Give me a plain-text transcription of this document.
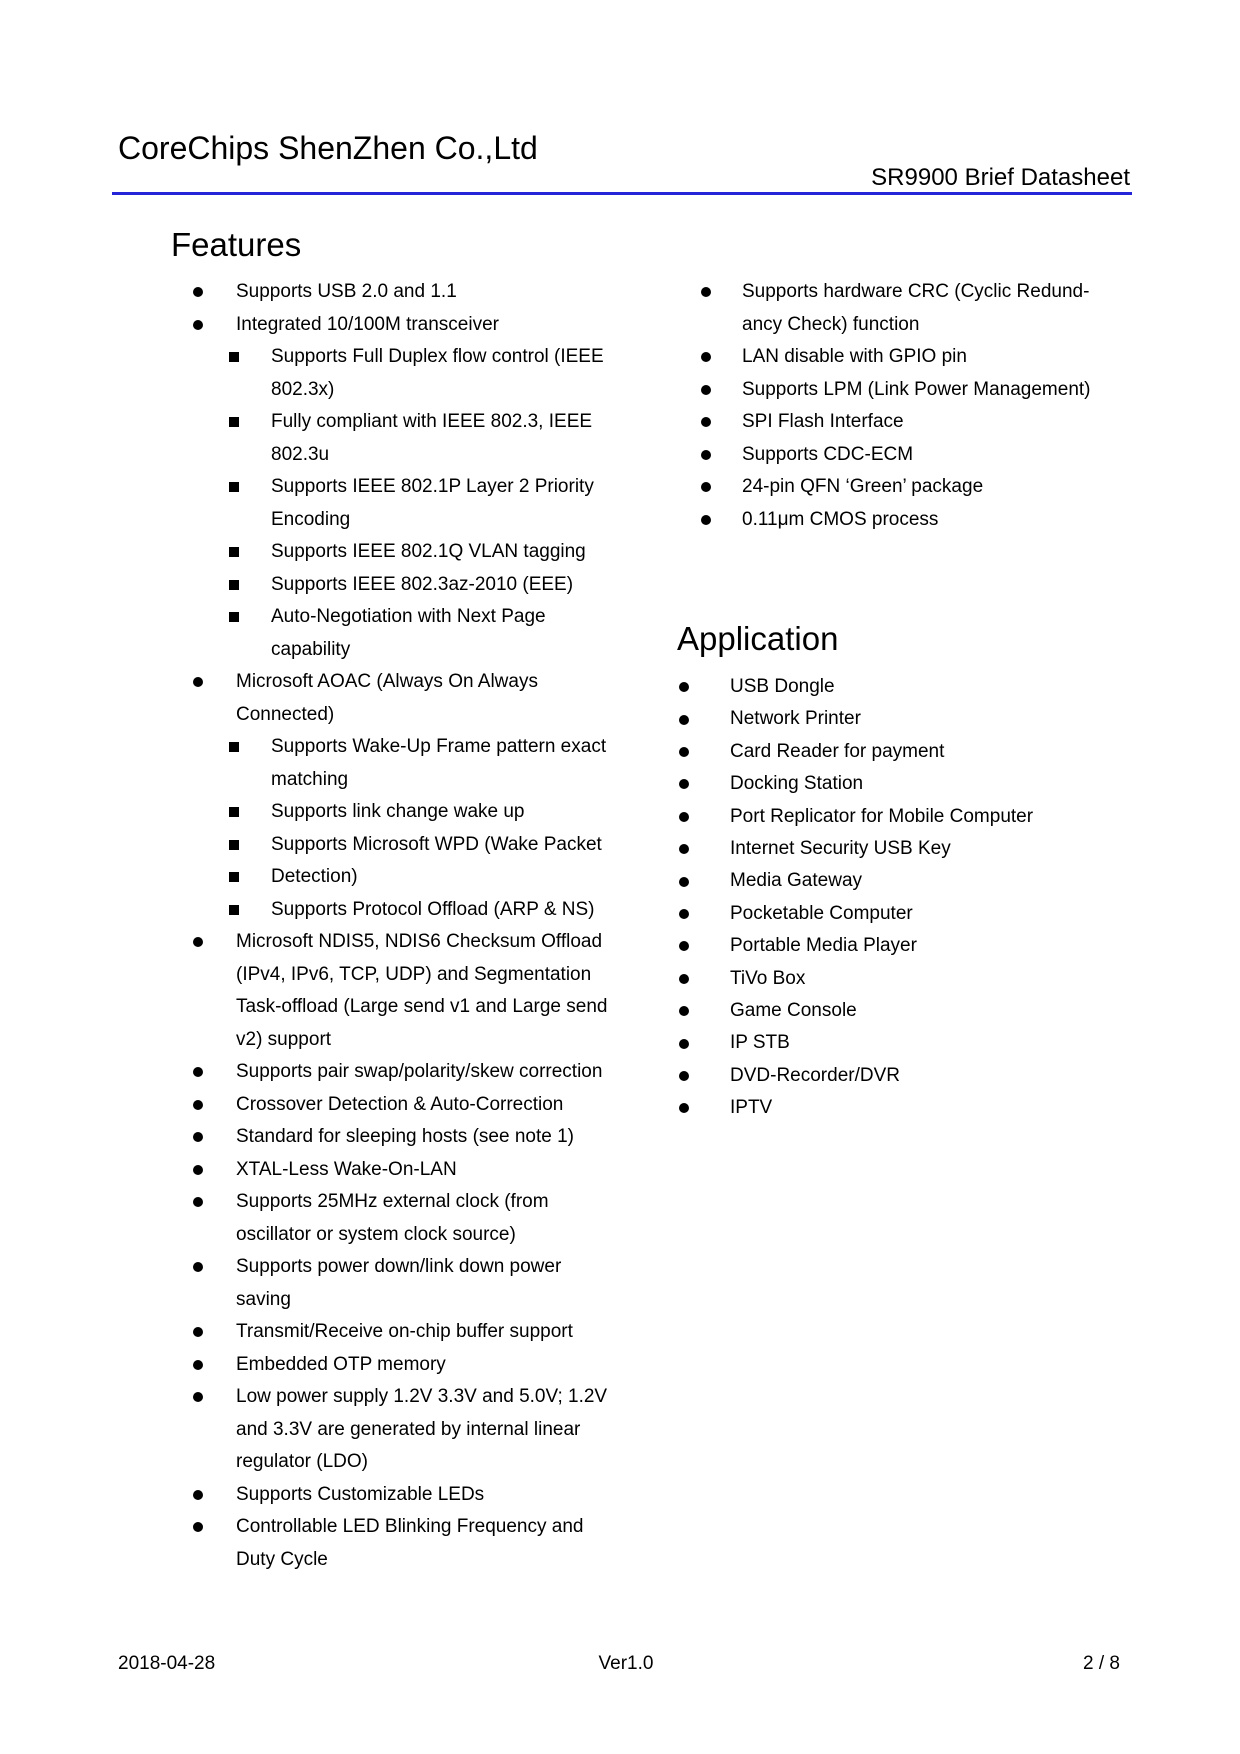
CoreChips ShenZhen Co.,Ltd
SR9900 Brief Datasheet
Features
Supports USB 2.0 and 1.1
Integrated 10/100M transceiver
Supports Full Duplex flow control (IEEE
802.3x)
Fully compliant with IEEE 802.3, IEEE
802.3u
Supports IEEE 802.1P Layer 2 Priority
Encoding
Supports IEEE 802.1Q VLAN tagging
Supports IEEE 802.3az-2010 (EEE)
Auto-Negotiation with Next Page
capability
Microsoft AOAC (Always On Always
Connected)
Supports Wake-Up Frame pattern exact
matching
Supports link change wake up
Supports Microsoft WPD (Wake Packet
Detection)
Supports Protocol Offload (ARP & NS)
Microsoft NDIS5, NDIS6 Checksum Offload
(IPv4, IPv6, TCP, UDP) and Segmentation
Task-offload (Large send v1 and Large send
v2) support
Supports pair swap/polarity/skew correction
Crossover Detection & Auto-Correction
Standard for sleeping hosts (see note 1)
XTAL-Less Wake-On-LAN
Supports 25MHz external clock (from
oscillator or system clock source)
Supports power down/link down power
saving
Transmit/Receive on-chip buffer support
Embedded OTP memory
Low power supply 1.2V 3.3V and 5.0V; 1.2V
and 3.3V are generated by internal linear
regulator (LDO)
Supports Customizable LEDs
Controllable LED Blinking Frequency and
Duty Cycle
Supports hardware CRC (Cyclic Redund-
ancy Check) function
LAN disable with GPIO pin
Supports LPM (Link Power Management)
SPI Flash Interface
Supports CDC-ECM
24-pin QFN ‘Green’ package
0.11μm CMOS process
Application
USB Dongle
Network Printer
Card Reader for payment
Docking Station
Port Replicator for Mobile Computer
Internet Security USB Key
Media Gateway
Pocketable Computer
Portable Media Player
TiVo Box
Game Console
IP STB
DVD-Recorder/DVR
IPTV
2018-04-28	Ver1.0	2 / 8
